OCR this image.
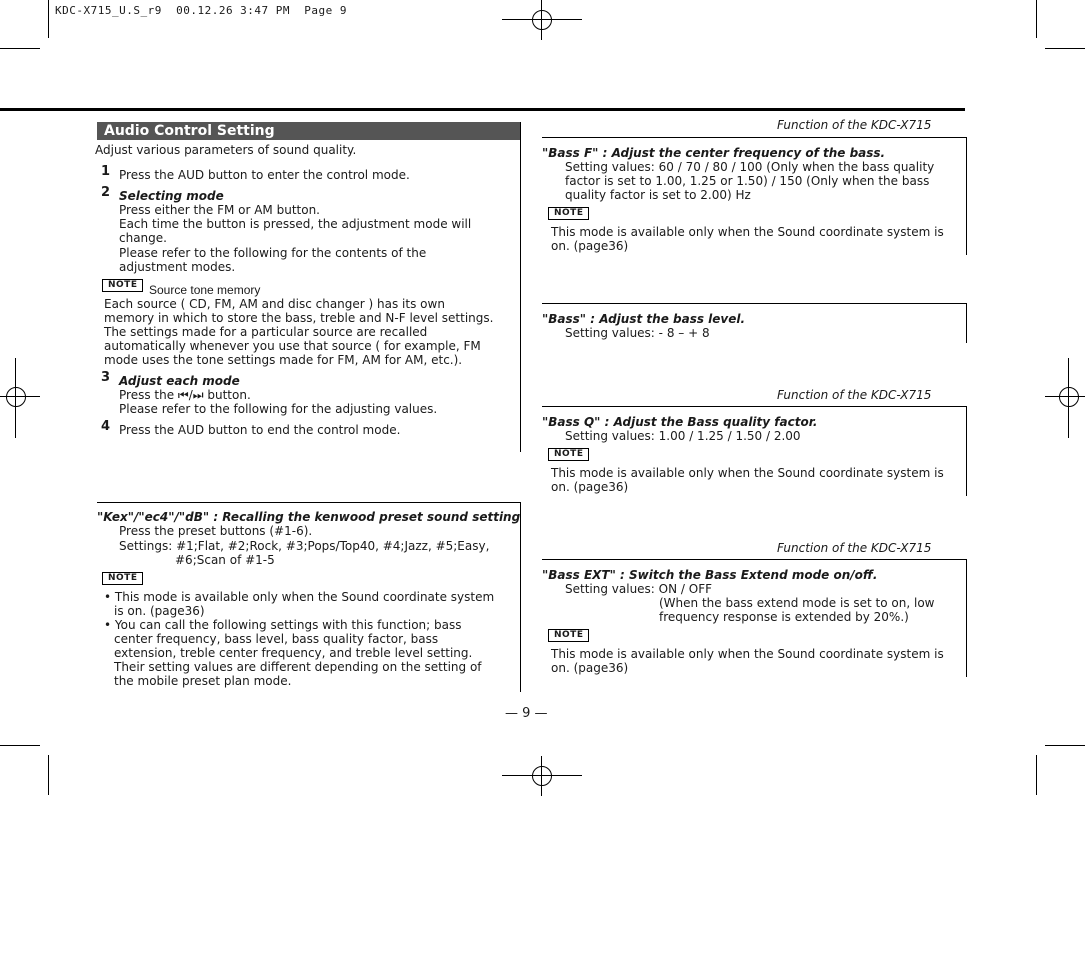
KDC-X715_U.S_r9  00.12.26 3:47 PM  Page 9
Audio Control Setting
Adjust various parameters of sound quality.
1 Press the AUD button to enter the control mode.
2 Selecting mode
Press either the FM or AM button.
Each time the button is pressed, the adjustment mode will
change.
Please refer to the following for the contents of the
adjustment modes.
NOTE Source tone memory
Each source ( CD, FM, AM and disc changer ) has its own
memory in which to store the bass, treble and N-F level settings.
The settings made for a particular source are recalled
automatically whenever you use that source ( for example, FM
mode uses the tone settings made for FM, AM for AM, etc.).
3 Adjust each mode
Press the ⏮/⏭ button.
Please refer to the following for the adjusting values.
4 Press the AUD button to end the control mode.
"Kex"/"ec4"/"dB" : Recalling the kenwood preset sound setting
Press the preset buttons (#1-6).
Settings: #1;Flat, #2;Rock, #3;Pops/Top40, #4;Jazz, #5;Easy,
#6;Scan of #1-5
NOTE
• This mode is available only when the Sound coordinate system
is on. (page36)
• You can call the following settings with this function; bass
center frequency, bass level, bass quality factor, bass
extension, treble center frequency, and treble level setting.
Their setting values are different depending on the setting of
the mobile preset plan mode.
Function of the KDC-X715
"Bass F" : Adjust the center frequency of the bass.
Setting values: 60 / 70 / 80 / 100 (Only when the bass quality
factor is set to 1.00, 1.25 or 1.50) / 150 (Only when the bass
quality factor is set to 2.00) Hz
NOTE
This mode is available only when the Sound coordinate system is
on. (page36)
"Bass" : Adjust the bass level.
Setting values: - 8 – + 8
Function of the KDC-X715
"Bass Q" : Adjust the Bass quality factor.
Setting values: 1.00 / 1.25 / 1.50 / 2.00
NOTE
This mode is available only when the Sound coordinate system is
on. (page36)
Function of the KDC-X715
"Bass EXT" : Switch the Bass Extend mode on/off.
Setting values: ON / OFF
(When the bass extend mode is set to on, low
frequency response is extended by 20%.)
NOTE
This mode is available only when the Sound coordinate system is
on. (page36)
— 9 —
